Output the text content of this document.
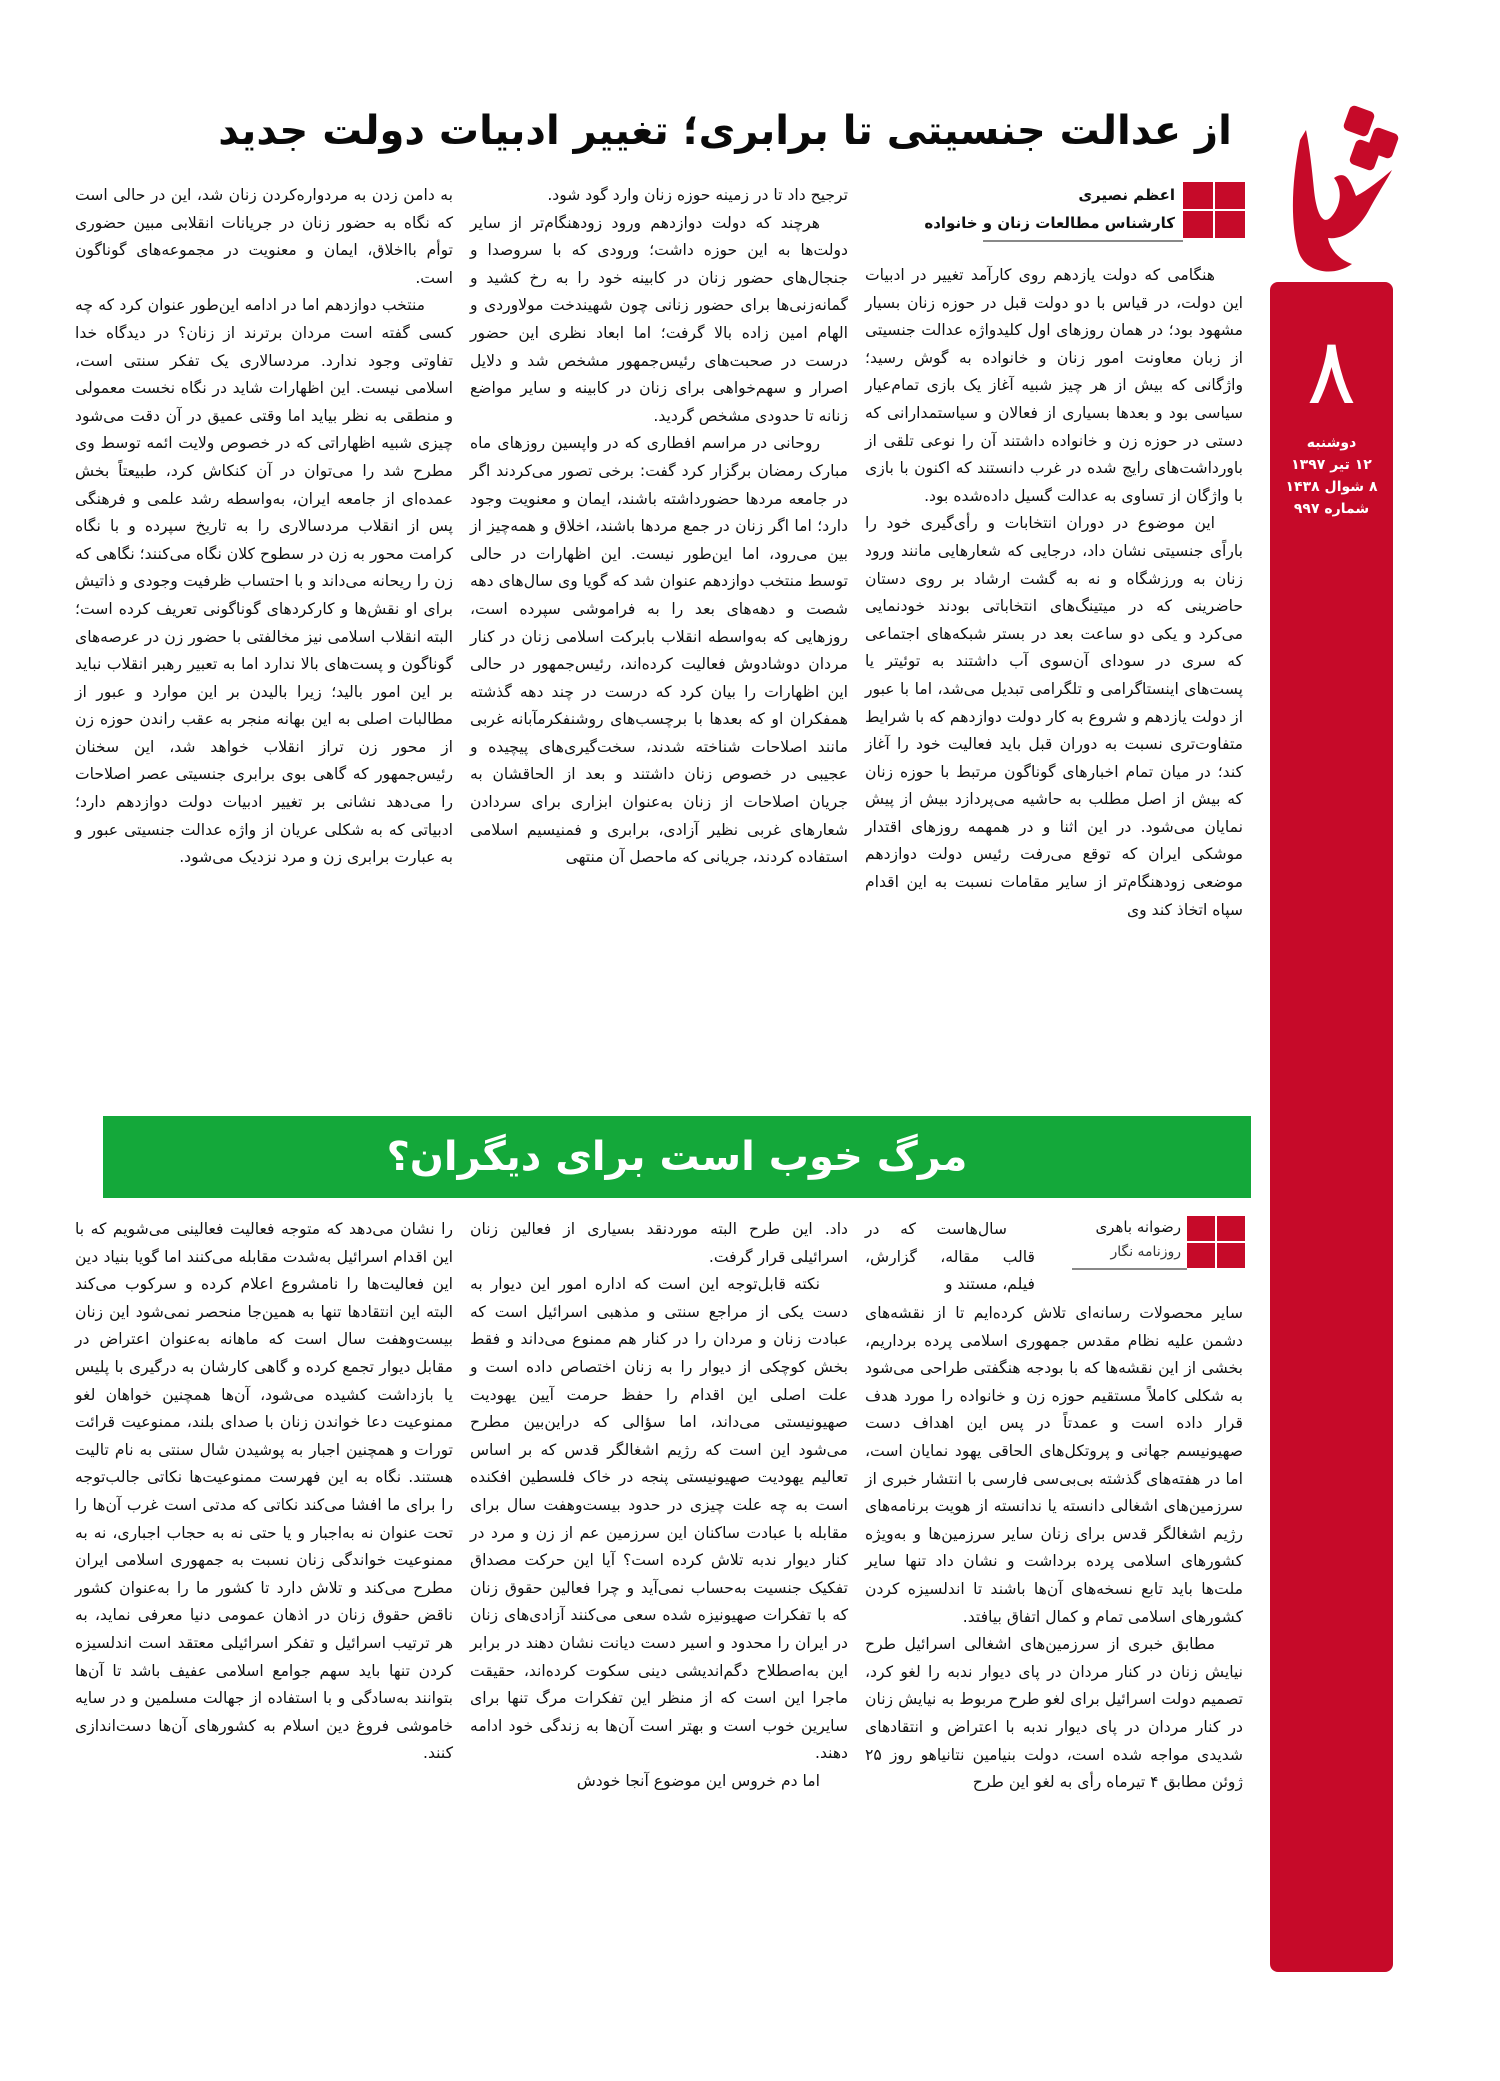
۸
دوشنبه
۱۲ تیر ۱۳۹۷
۸ شوال ۱۴۳۸
شماره ۹۹۷
از عدالت جنسیتی تا برابری؛ تغییر ادبیات دولت جدید
اعظم نصیری
کارشناس مطالعات زنان و خانواده

هنگامی که دولت یازدهم روی کارآمد تغییر در ادبیات این دولت، در قیاس با دو دولت قبل در حوزه زنان بسیار مشهود بود؛ در همان روزهای اول کلیدواژه عدالت جنسیتی از زبان معاونت امور زنان و خانواده به گوش رسید؛ واژگانی که بیش از هر چیز شبیه آغاز یک بازی تمام‌عیار سیاسی بود و بعدها بسیاری از فعالان و سیاستمدارانی که دستی در حوزه زن و خانواده داشتند آن را نوعی تلقی از باورداشت‌های رایج شده در غرب دانستند که اکنون با بازی با واژگان از تساوی به عدالت گسیل داده‌شده بود.

این موضوع در دوران انتخابات و رأی‌گیری خود را باراًی جنسیتی نشان داد، درجایی که شعارهایی مانند ورود زنان به ورزشگاه و نه به گشت ارشاد بر روی دستان حاضرینی که در میتینگ‌های انتخاباتی بودند خودنمایی می‌کرد و یکی دو ساعت بعد در بستر شبکه‌های اجتماعی که سری در سودای آن‌سوی آب داشتند به توئیتر یا پست‌های اینستاگرامی و تلگرامی تبدیل می‌شد، اما با عبور از دولت یازدهم و شروع به کار دولت دوازدهم که با شرایط متفاوت‌تری نسبت به دوران قبل باید فعالیت خود را آغاز کند؛ در میان تمام اخبارهای گوناگون مرتبط با حوزه زنان که بیش از اصل مطلب به حاشیه می‌پردازد بیش از پیش نمایان می‌شود. در این اثنا و در همهمه روزهای اقتدار موشکی ایران که توقع می‌رفت رئیس دولت دوازدهم موضعی زودهنگام‌تر از سایر مقامات نسبت به این اقدام سپاه اتخاذ کند وی

ترجیح داد تا در زمینه حوزه زنان وارد گود شود.

هرچند که دولت دوازدهم ورود زودهنگام‌تر از سایر دولت‌ها به این حوزه داشت؛ ورودی که با سروصدا و جنجال‌های حضور زنان در کابینه خود را به رخ کشید و گمانه‌زنی‌ها برای حضور زنانی چون شهیندخت مولاوردی و الهام امین زاده بالا گرفت؛ اما ابعاد نظری این حضور درست در صحبت‌های رئیس‌جمهور مشخص شد و دلایل اصرار و سهم‌خواهی برای زنان در کابینه و سایر مواضع زنانه تا حدودی مشخص گردید.

روحانی در مراسم افطاری که در واپسین روزهای ماه مبارک رمضان برگزار کرد گفت: برخی تصور می‌کردند اگر در جامعه مردها حضورداشته باشند، ایمان و معنویت وجود دارد؛ اما اگر زنان در جمع مردها باشند، اخلاق و همه‌چیز از بین می‌رود، اما این‌طور نیست. این اظهارات در حالی توسط منتخب دوازدهم عنوان شد که گویا وی سال‌های دهه شصت و دهه‌های بعد را به فراموشی سپرده است، روزهایی که به‌واسطه انقلاب بابرکت اسلامی زنان در کنار مردان دوشادوش فعالیت کرده‌اند، رئیس‌جمهور در حالی این اظهارات را بیان کرد که درست در چند دهه گذشته همفکران او که بعدها با برچسب‌های روشنفکرمآبانه غربی مانند اصلاحات شناخته شدند، سخت‌گیری‌های پیچیده و عجیبی در خصوص زنان داشتند و بعد از الحاقشان به جریان اصلاحات از زنان به‌عنوان ابزاری برای سردادن شعارهای غربی نظیر آزادی، برابری و فمنیسیم اسلامی استفاده کردند، جریانی که ماحصل آن منتهی

به دامن زدن به مردواره‌کردن زنان شد، این در حالی است که نگاه به حضور زنان در جریانات انقلابی مبین حضوری توأم بااخلاق، ایمان و معنویت در مجموعه‌های گوناگون است.

منتخب دوازدهم اما در ادامه این‌طور عنوان کرد که چه کسی گفته است مردان برترند از زنان؟ در دیدگاه خدا تفاوتی وجود ندارد. مردسالاری یک تفکر سنتی است، اسلامی نیست. این اظهارات شاید در نگاه نخست معمولی و منطقی به نظر بیاید اما وقتی عمیق در آن دقت می‌شود چیزی شبیه اظهاراتی که در خصوص ولایت ائمه توسط وی مطرح شد را می‌توان در آن کنکاش کرد، طبیعتاً بخش عمده‌ای از جامعه ایران، به‌واسطه رشد علمی و فرهنگی پس از انقلاب مردسالاری را به تاریخ سپرده و با نگاه کرامت محور به زن در سطوح کلان نگاه می‌کنند؛ نگاهی که زن را ریحانه می‌داند و با احتساب ظرفیت وجودی و ذاتیش برای او نقش‌ها و کارکردهای گوناگونی تعریف کرده است؛ البته انقلاب اسلامی نیز مخالفتی با حضور زن در عرصه‌های گوناگون و پست‌های بالا ندارد اما به تعبیر رهبر انقلاب نباید بر این امور بالید؛ زیرا بالیدن بر این موارد و عبور از مطالبات اصلی به این بهانه منجر به عقب راندن حوزه زن از محور زن تراز انقلاب خواهد شد، این سخنان رئیس‌جمهور که گاهی بوی برابری جنسیتی عصر اصلاحات را می‌دهد نشانی بر تغییر ادبیات دولت دوازدهم دارد؛ ادبیاتی که به شکلی عریان از واژه عدالت جنسیتی عبور و به عبارت برابری زن و مرد نزدیک می‌شود.

مرگ خوب است برای دیگران؟
رضوانه باهری
روزنامه نگار

سال‌هاست که در قالب مقاله، گزارش، فیلم، مستند و

سایر محصولات رسانه‌ای تلاش کرده‌ایم تا از نقشه‌های دشمن علیه نظام مقدس جمهوری اسلامی پرده برداریم، بخشی از این نقشه‌ها که با بودجه هنگفتی طراحی می‌شود به شکلی کاملاً مستقیم حوزه زن و خانواده را مورد هدف قرار داده است و عمدتاً در پس این اهداف دست صهیونیسم جهانی و پروتکل‌های الحاقی یهود نمایان است، اما در هفته‌های گذشته بی‌بی‌سی فارسی با انتشار خبری از سرزمین‌های اشغالی دانسته یا ندانسته از هویت برنامه‌های رژیم اشغالگر قدس برای زنان سایر سرزمین‌ها و به‌ویژه کشورهای اسلامی پرده برداشت و نشان داد تنها سایر ملت‌ها باید تابع نسخه‌های آن‌ها باشند تا اندلسیزه کردن کشورهای اسلامی تمام و کمال اتفاق بیافتد.

مطابق خبری از سرزمین‌های اشغالی اسرائیل طرح نیایش زنان در کنار مردان در پای دیوار ندبه را لغو کرد، تصمیم دولت اسرائیل برای لغو طرح مربوط به نیایش زنان در کنار مردان در پای دیوار ندبه با اعتراض و انتقادهای شدیدی مواجه شده است، دولت بنیامین نتانیاهو روز ۲۵ ژوئن مطابق ۴ تیرماه رأی به لغو این طرح

داد. این طرح البته موردنقد بسیاری از فعالین زنان اسرائیلی قرار گرفت.

نکته قابل‌توجه این است که اداره امور این دیوار به دست یکی از مراجع سنتی و مذهبی اسرائیل است که عبادت زنان و مردان را در کنار هم ممنوع می‌داند و فقط بخش کوچکی از دیوار را به زنان اختصاص داده است و علت اصلی این اقدام را حفظ حرمت آیین یهودیت صهیونیستی می‌داند، اما سؤالی که دراین‌بین مطرح می‌شود این است که رژیم اشغالگر قدس که بر اساس تعالیم یهودیت صهیونیستی پنجه در خاک فلسطین افکنده است به چه علت چیزی در حدود بیست‌وهفت سال برای مقابله با عبادت ساکنان این سرزمین عم از زن و مرد در کنار دیوار ندبه تلاش کرده است؟ آیا این حرکت مصداق تفکیک جنسیت به‌حساب نمی‌آید و چرا فعالین حقوق زنان که با تفکرات صهیونیزه شده سعی می‌کنند آزادی‌های زنان در ایران را محدود و اسیر دست دیانت نشان دهند در برابر این به‌اصطلاح دگم‌اندیشی دینی سکوت کرده‌اند، حقیقت ماجرا این است که از منظر این تفکرات مرگ تنها برای سایرین خوب است و بهتر است آن‌ها به زندگی خود ادامه دهند.

اما دم خروس این موضوع آنجا خودش

را نشان می‌دهد که متوجه فعالیت فعالینی می‌شویم که با این اقدام اسرائیل به‌شدت مقابله می‌کنند اما گویا بنیاد دین این فعالیت‌ها را نامشروع اعلام کرده و سرکوب می‌کند البته این انتقادها تنها به همین‌جا منحصر نمی‌شود این زنان بیست‌وهفت سال است که ماهانه به‌عنوان اعتراض در مقابل دیوار تجمع کرده و گاهی کارشان به درگیری با پلیس یا بازداشت کشیده می‌شود، آن‌ها همچنین خواهان لغو ممنوعیت دعا خواندن زنان با صدای بلند، ممنوعیت قرائت تورات و همچنین اجبار به پوشیدن شال سنتی به نام تالیت هستند. نگاه به این فهرست ممنوعیت‌ها نکاتی جالب‌توجه را برای ما افشا می‌کند نکاتی که مدتی است غرب آن‌ها را تحت عنوان نه به‌اجبار و یا حتی نه به حجاب اجباری، نه به ممنوعیت خواندگی زنان نسبت به جمهوری اسلامی ایران مطرح می‌کند و تلاش دارد تا کشور ما را به‌عنوان کشور ناقض حقوق زنان در اذهان عمومی دنیا معرفی نماید، به هر ترتیب اسرائیل و تفکر اسرائیلی معتقد است اندلسیزه کردن تنها باید سهم جوامع اسلامی عفیف باشد تا آن‌ها بتوانند به‌سادگی و با استفاده از جهالت مسلمین و در سایه خاموشی فروغ دین اسلام به کشورهای آن‌ها دست‌اندازی کنند.
